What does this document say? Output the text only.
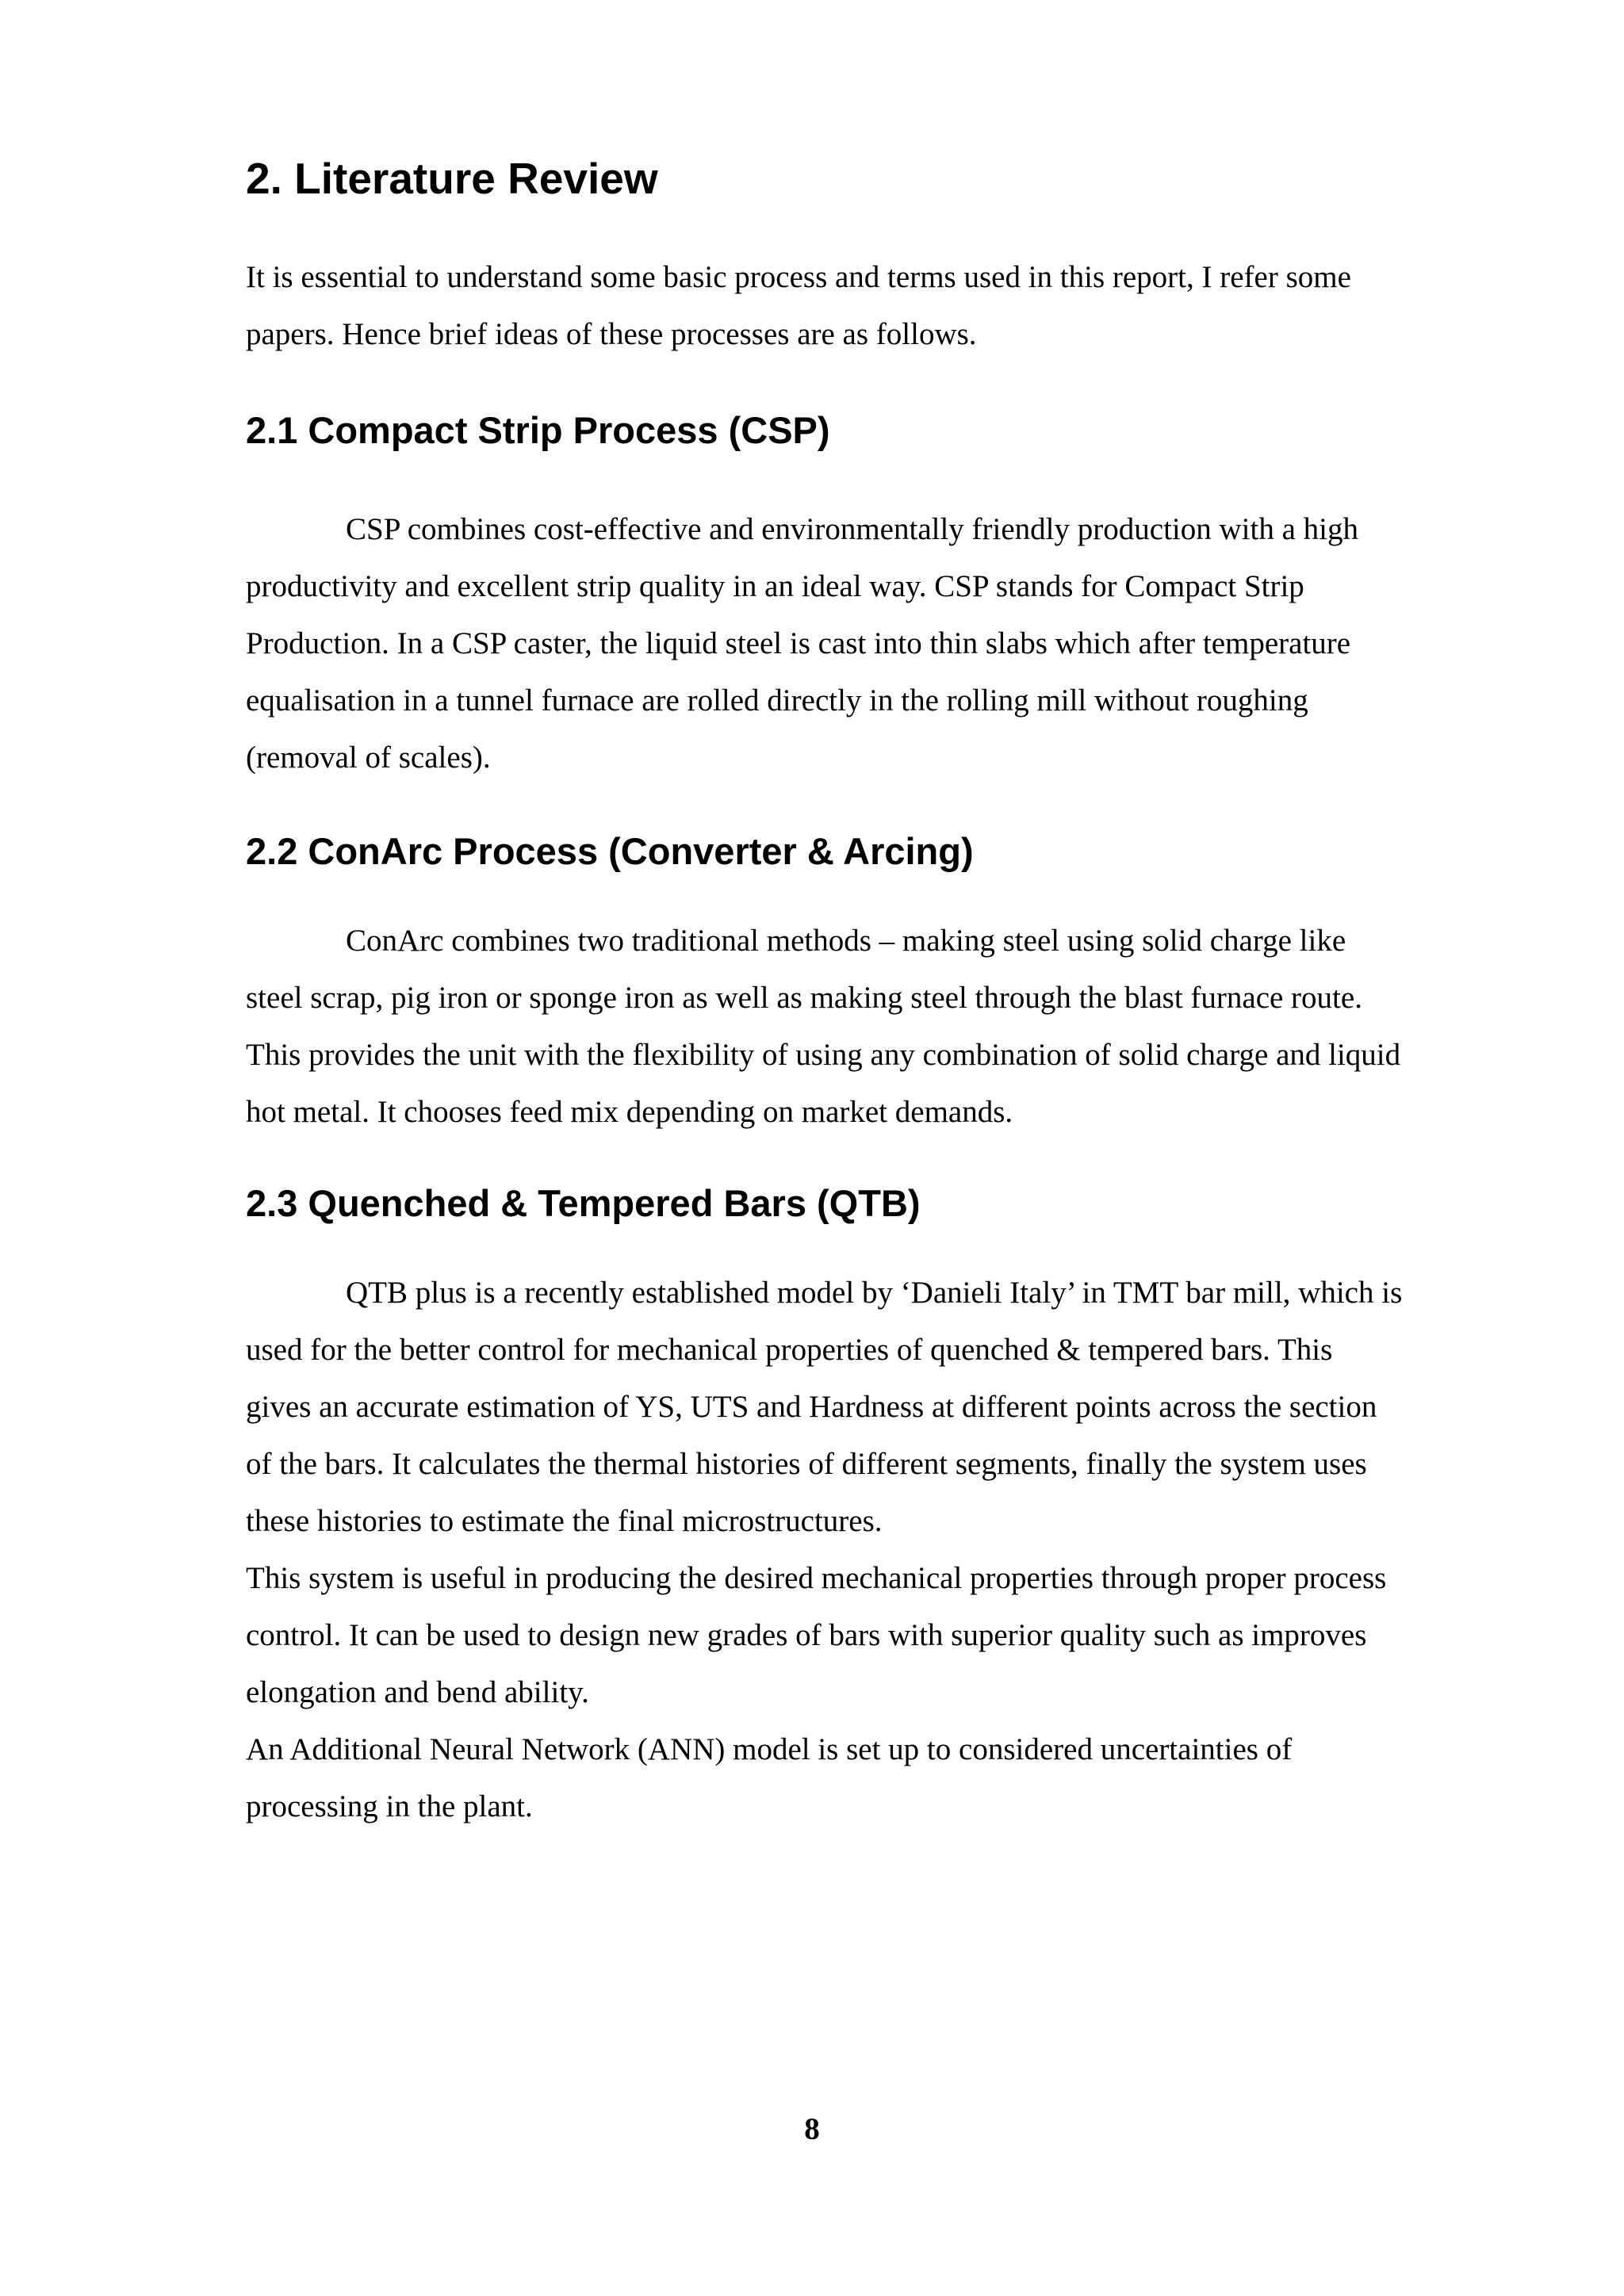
2. Literature Review
It is essential to understand some basic process and terms used in this report, I refer some
papers. Hence brief ideas of these processes are as follows.
2.1 Compact Strip Process (CSP)
CSP combines cost-effective and environmentally friendly production with a high
productivity and excellent strip quality in an ideal way. CSP stands for Compact Strip
Production. In a CSP caster, the liquid steel is cast into thin slabs which after temperature
equalisation in a tunnel furnace are rolled directly in the rolling mill without roughing
(removal of scales).
2.2 ConArc Process (Converter & Arcing)
ConArc combines two traditional methods – making steel using solid charge like
steel scrap, pig iron or sponge iron as well as making steel through the blast furnace route.
This provides the unit with the flexibility of using any combination of solid charge and liquid
hot metal. It chooses feed mix depending on market demands.
2.3 Quenched & Tempered Bars (QTB)
QTB plus is a recently established model by ‘Danieli Italy’ in TMT bar mill, which is
used for the better control for mechanical properties of quenched & tempered bars. This
gives an accurate estimation of YS, UTS and Hardness at different points across the section
of the bars. It calculates the thermal histories of different segments, finally the system uses
these histories to estimate the final microstructures.
This system is useful in producing the desired mechanical properties through proper process
control. It can be used to design new grades of bars with superior quality such as improves
elongation and bend ability.
An Additional Neural Network (ANN) model is set up to considered uncertainties of
processing in the plant.

8
